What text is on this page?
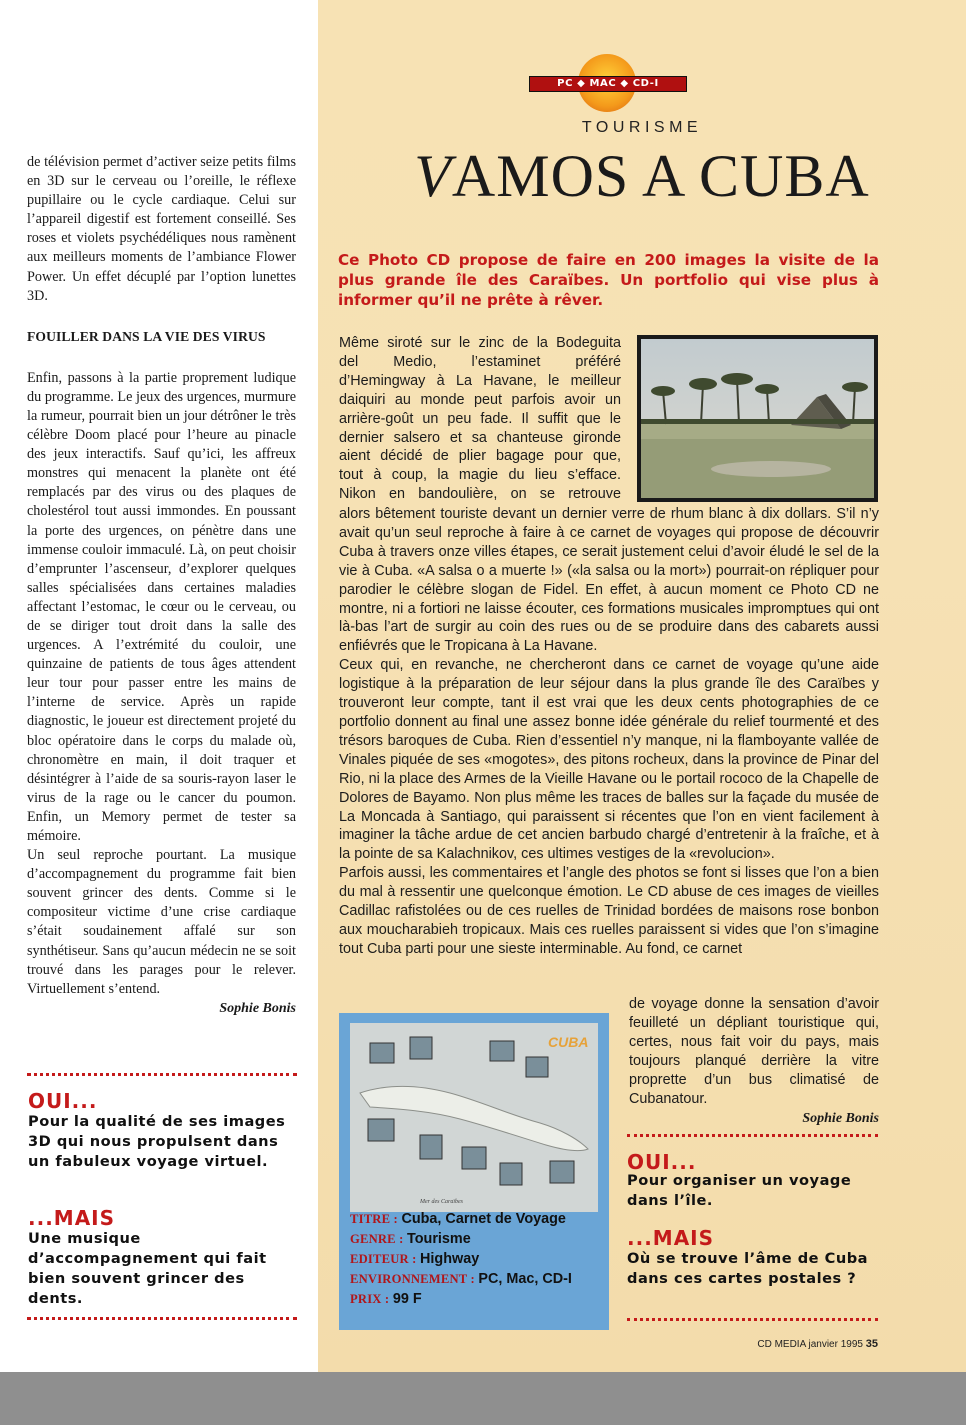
de télévision permet d’activer seize petits films en 3D sur le cerveau ou l’oreille, le réflexe pupillaire ou le cycle cardiaque. Celui sur l’appareil digestif est fortement conseillé. Ses roses et violets psychédéliques nous ramènent aux meilleurs moments de l’ambiance Flower Power. Un effet décuplé par l’option lunettes 3D.

FOUILLER DANS LA VIE DES VIRUS

Enfin, passons à la partie proprement ludique du programme. Le jeux des urgences, murmure la rumeur, pourrait bien un jour détrôner le très célèbre Doom placé pour l’heure au pinacle des jeux interactifs. Sauf qu’ici, les affreux monstres qui menacent la planète ont été remplacés par des virus ou des plaques de cholestérol tout aussi immondes. En poussant la porte des urgences, on pénètre dans une immense couloir immaculé. Là, on peut choisir d’emprunter l’ascenseur, d’explorer quelques salles spécialisées dans certaines maladies affectant l’estomac, le cœur ou le cerveau, ou de se diriger tout droit dans la salle des urgences. A l’extrémité du couloir, une quinzaine de patients de tous âges attendent leur tour pour passer entre les mains de l’interne de service. Après un rapide diagnostic, le joueur est directement projeté du bloc opératoire dans le corps du malade où, chronomètre en main, il doit traquer et désintégrer à l’aide de sa souris-rayon laser le virus de la rage ou le cancer du poumon. Enfin, un Memory permet de tester sa mémoire.

Un seul reproche pourtant. La musique d’accompagnement du programme fait bien souvent grincer des dents. Comme si le compositeur victime d’une crise cardiaque s’était soudainement affalé sur son synthétiseur. Sans qu’aucun médecin ne se soit trouvé dans les parages pour le relever. Virtuellement s’entend.

Sophie Bonis

OUI...
Pour la qualité de ses images 3D qui nous propulsent dans un fabuleux voyage virtuel.
...MAIS
Une musique d’accompagnement qui fait bien souvent grincer des dents.
PC ◆ MAC ◆ CD-I
TOURISME
VAMOS A CUBA
Ce Photo CD propose de faire en 200 images la visite de la plus grande île des Caraïbes. Un portfolio qui vise plus à informer qu’il ne prête à rêver.
Même siroté sur le zinc de la Bodeguita
del Medio, l’estaminet préféré
d’Hemingway à La Havane, le meilleur
daiquiri au monde peut parfois avoir un
arrière-goût un peu fade. Il suffit que le
dernier salsero et sa chanteuse gironde
aient décidé de plier bagage pour que,
tout à coup, la magie du lieu s’efface.
Nikon en bandoulière, on se retrouve

alors bêtement touriste devant un dernier verre de rhum blanc à dix dollars. S’il n’y avait qu’un seul reproche à faire à ce carnet de voyages qui propose de découvrir Cuba à travers onze villes étapes, ce serait justement celui d’avoir éludé le sel de la vie à Cuba. «A salsa o a muerte !» («la salsa ou la mort») pourrait-on répliquer pour parodier le célèbre slogan de Fidel. En effet, à aucun moment ce Photo CD ne montre, ni a fortiori ne laisse écouter, ces formations musicales impromptues qui ont là-bas l’art de surgir au coin des rues ou de se produire dans des cabarets aussi enfiévrés que le Tropicana à La Havane.

Ceux qui, en revanche, ne chercheront dans ce carnet de voyage qu’une aide logistique à la préparation de leur séjour dans la plus grande île des Caraïbes y trouveront leur compte, tant il est vrai que les deux cents photographies de ce portfolio donnent au final une assez bonne idée générale du relief tourmenté et des trésors baroques de Cuba. Rien d’essentiel n’y manque, ni la flamboyante vallée de Vinales piquée de ses «mogotes», des pitons rocheux, dans la province de Pinar del Rio, ni la place des Armes de la Vieille Havane ou le portail rococo de la Chapelle de Dolores de Bayamo. Non plus même les traces de balles sur la façade du musée de La Moncada à Santiago, qui paraissent si récentes que l’on en vient facilement à imaginer la tâche ardue de cet ancien barbudo chargé d’entretenir à la fraîche, et à la pointe de sa Kalachnikov, ces ultimes vestiges de la «revolucion».

Parfois aussi, les commentaires et l’angle des photos se font si lisses que l’on a bien du mal à ressentir une quelconque émotion. Le CD abuse de ces images de vieilles Cadillac rafistolées ou de ces ruelles de Trinidad bordées de maisons rose bonbon aux moucharabieh tropicaux. Mais ces ruelles paraissent si vides que l’on s’imagine tout Cuba parti pour une sieste interminable. Au fond, ce carnet

de voyage donne la sensation d’avoir feuilleté un dépliant touristique qui, certes, nous fait voir du pays, mais toujours planqué derrière la vitre proprette d’un bus climatisé de Cubanatour.

Sophie Bonis

OUI...
Pour organiser un voyage dans l’île.
...MAIS
Où se trouve l’âme de Cuba dans ces cartes postales ?
CUBA
Mer des Caraïbes
TITRE : Cuba, Carnet de Voyage
GENRE : Tourisme
EDITEUR : Highway
ENVIRONNEMENT : PC, Mac, CD-I
PRIX : 99 F
CD MEDIA janvier 1995 35
